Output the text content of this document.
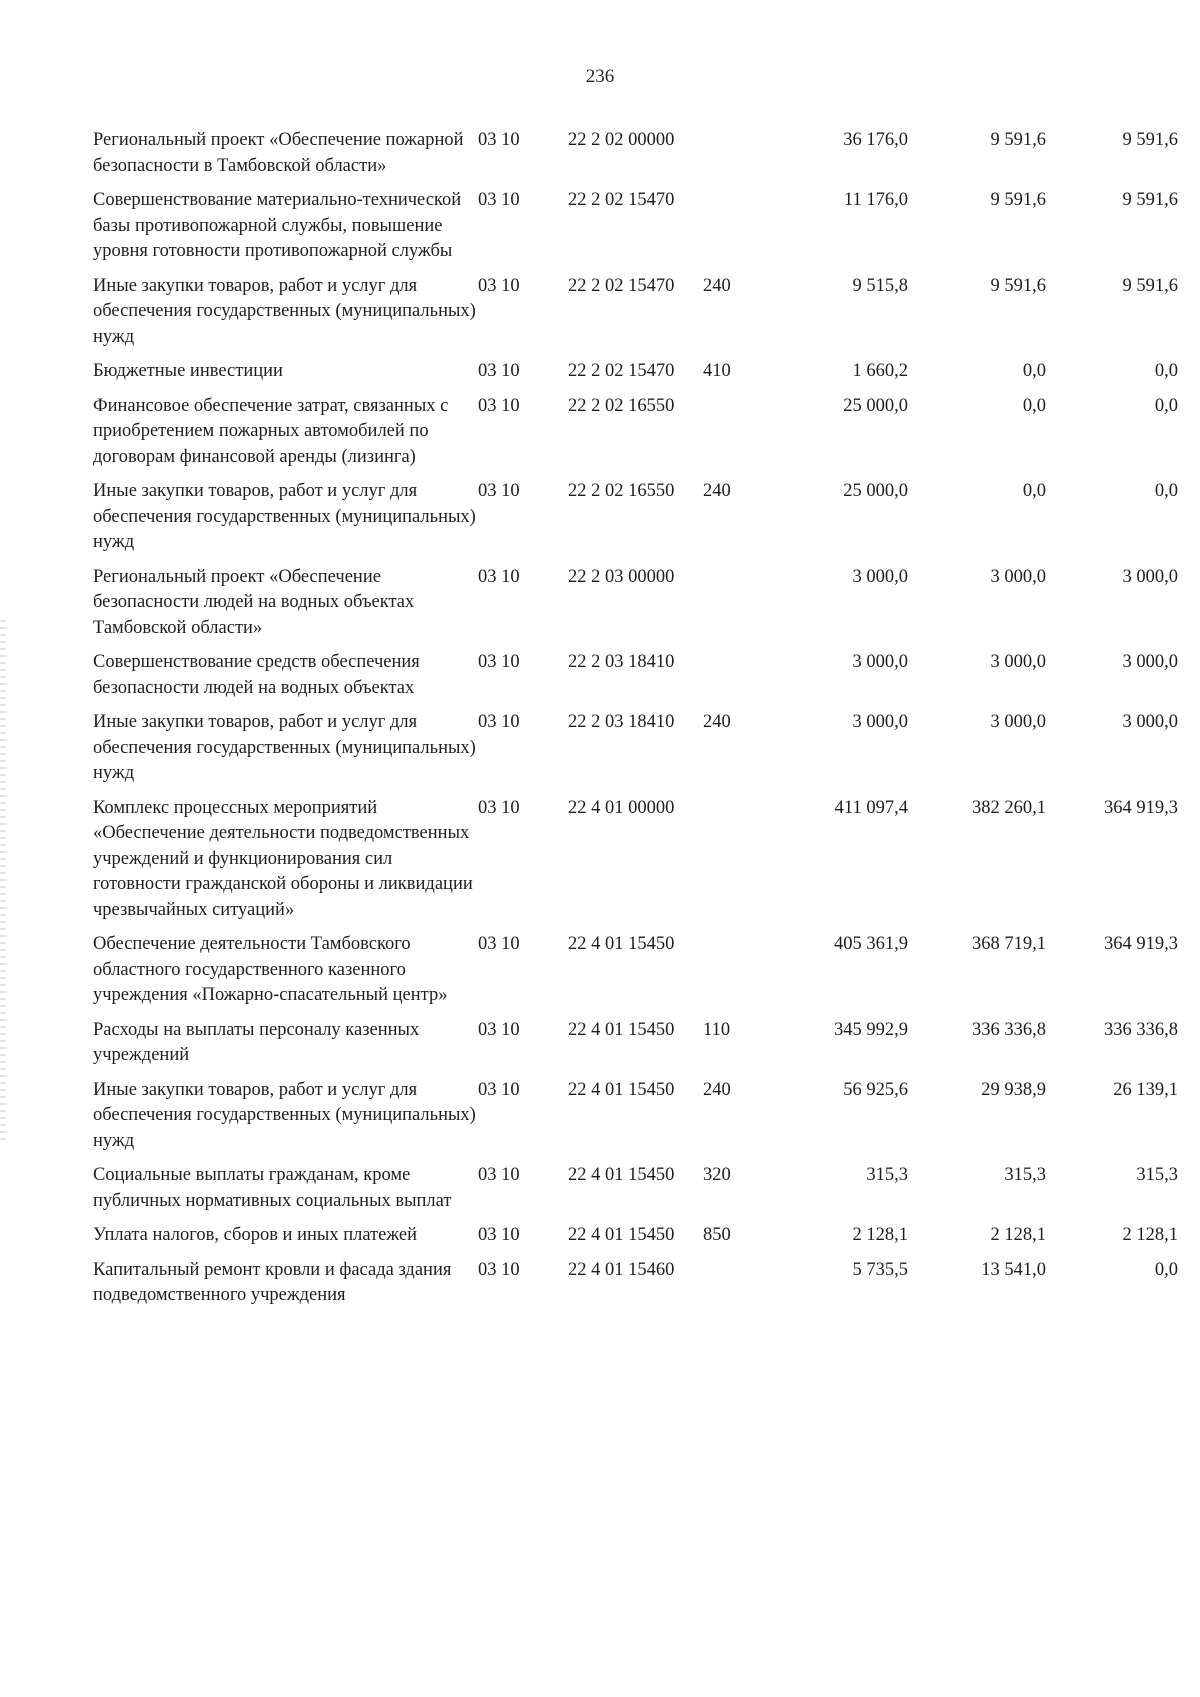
236
Региональный проект «Обеспечение пожарной безопасности в Тамбовской области»	03 10	22 2 02 00000		36 176,0	9 591,6	9 591,6
Совершенствование материально-технической базы противопожарной службы, повышение уровня готовности противопожарной службы	03 10	22 2 02 15470		11 176,0	9 591,6	9 591,6
Иные закупки товаров, работ и услуг для обеспечения государственных (муниципальных) нужд	03 10	22 2 02 15470	240	9 515,8	9 591,6	9 591,6
Бюджетные инвестиции	03 10	22 2 02 15470	410	1 660,2	0,0	0,0
Финансовое обеспечение затрат, связанных с приобретением пожарных автомобилей по договорам финансовой аренды (лизинга)	03 10	22 2 02 16550		25 000,0	0,0	0,0
Иные закупки товаров, работ и услуг для обеспечения государственных (муниципальных) нужд	03 10	22 2 02 16550	240	25 000,0	0,0	0,0
Региональный проект «Обеспечение безопасности людей на водных объектах Тамбовской области»	03 10	22 2 03 00000		3 000,0	3 000,0	3 000,0
Совершенствование средств обеспечения безопасности людей на водных объектах	03 10	22 2 03 18410		3 000,0	3 000,0	3 000,0
Иные закупки товаров, работ и услуг для обеспечения государственных (муниципальных) нужд	03 10	22 2 03 18410	240	3 000,0	3 000,0	3 000,0
Комплекс процессных мероприятий «Обеспечение деятельности подведомственных учреждений и функционирования сил готовности гражданской обороны и ликвидации чрезвычайных ситуаций»	03 10	22 4 01 00000		411 097,4	382 260,1	364 919,3
Обеспечение деятельности Тамбовского областного государственного казенного учреждения «Пожарно-спасательный центр»	03 10	22 4 01 15450		405 361,9	368 719,1	364 919,3
Расходы на выплаты персоналу казенных учреждений	03 10	22 4 01 15450	110	345 992,9	336 336,8	336 336,8
Иные закупки товаров, работ и услуг для обеспечения государственных (муниципальных) нужд	03 10	22 4 01 15450	240	56 925,6	29 938,9	26 139,1
Социальные выплаты гражданам, кроме публичных нормативных социальных выплат	03 10	22 4 01 15450	320	315,3	315,3	315,3
Уплата налогов, сборов и иных платежей	03 10	22 4 01 15450	850	2 128,1	2 128,1	2 128,1
Капитальный ремонт кровли и фасада здания подведомственного учреждения	03 10	22 4 01 15460		5 735,5	13 541,0	0,0
